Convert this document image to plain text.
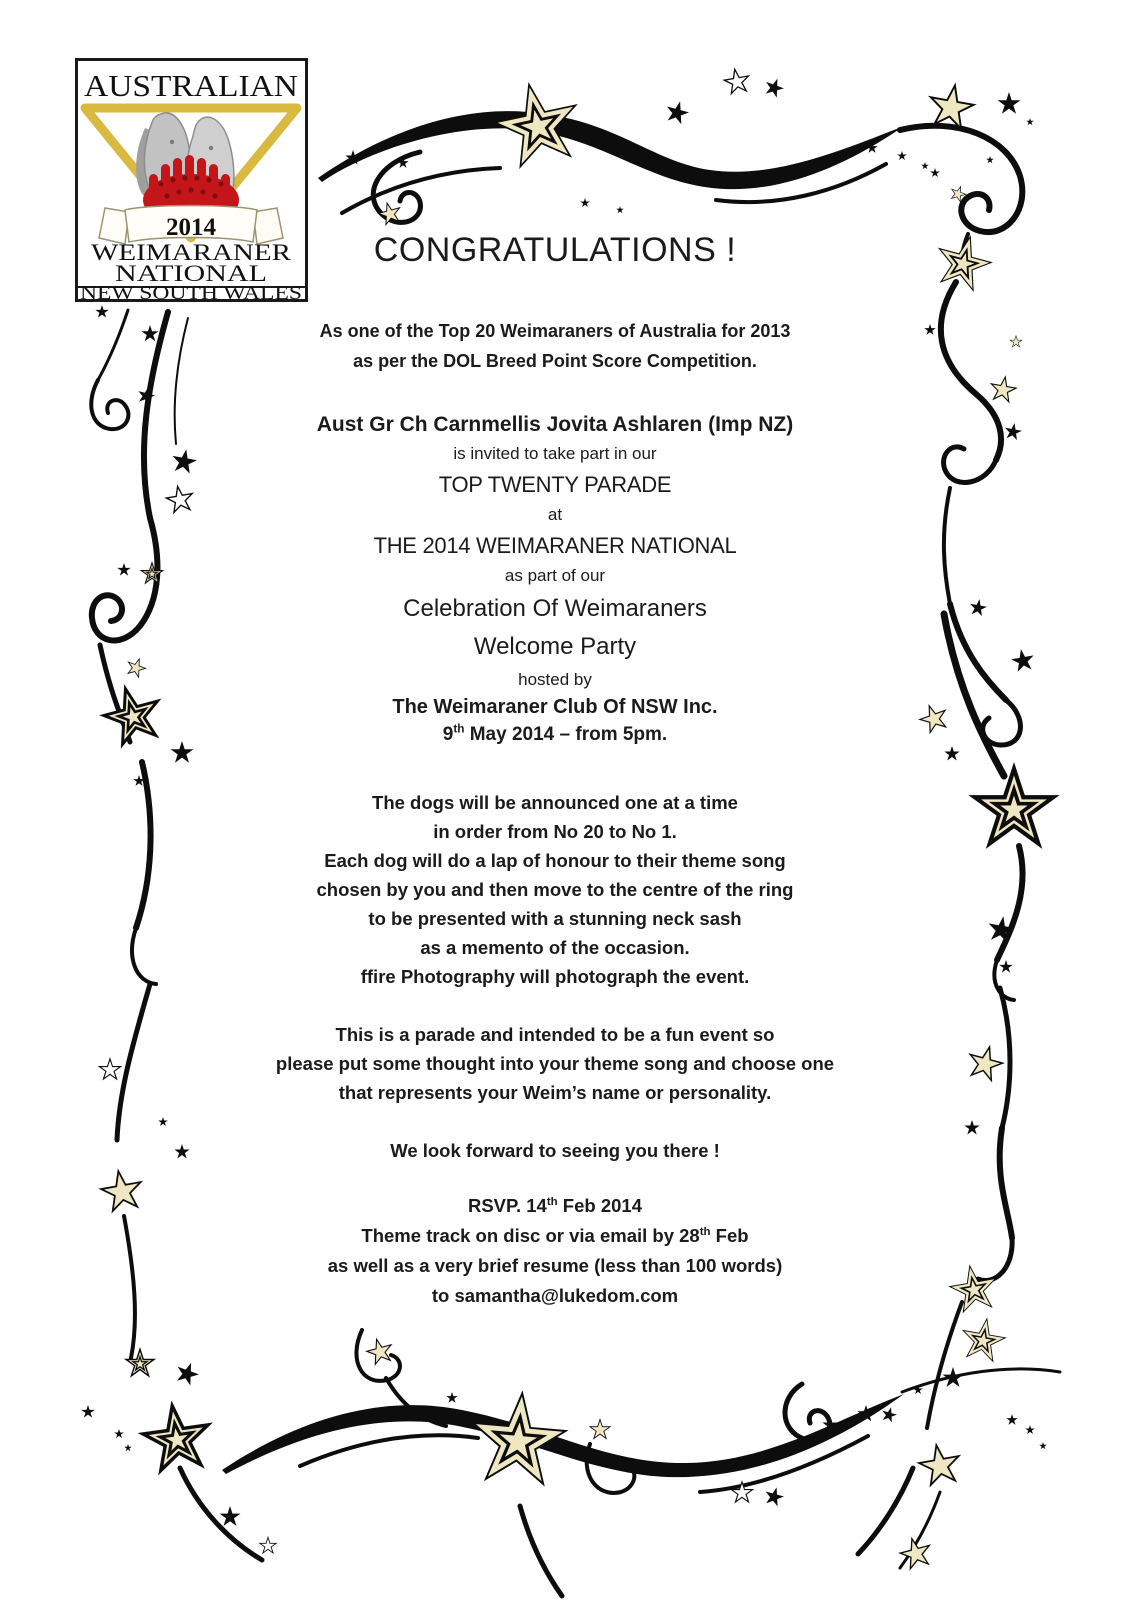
2014
AUSTRALIAN
WEIMARANER
NATIONAL
NEW SOUTH WALES
CONGRATULATIONS !
As one of the Top 20 Weimaraners of Australia for 2013
as per the DOL Breed Point Score Competition.
Aust Gr Ch Carnmellis Jovita Ashlaren (Imp NZ)
is invited to take part in our
TOP TWENTY PARADE
at
THE 2014 WEIMARANER NATIONAL
as part of our
Celebration Of Weimaraners
Welcome Party
hosted by
The Weimaraner Club Of NSW Inc.
9th May 2014 – from 5pm.
The dogs will be announced one at a time
in order from No 20 to No 1.
Each dog will do a lap of honour to their theme song
chosen by you and then move to the centre of the ring
to be presented with a stunning neck sash
as a memento of the occasion.
ffire Photography will photograph the event.
This is a parade and intended to be a fun event so
please put some thought into your theme song and choose one
that represents your Weim’s name or personality.
We look forward to seeing you there !
RSVP. 14th Feb 2014
Theme track on disc or via email by 28th Feb
as well as a very brief resume (less than 100 words)
to samantha@lukedom.com
